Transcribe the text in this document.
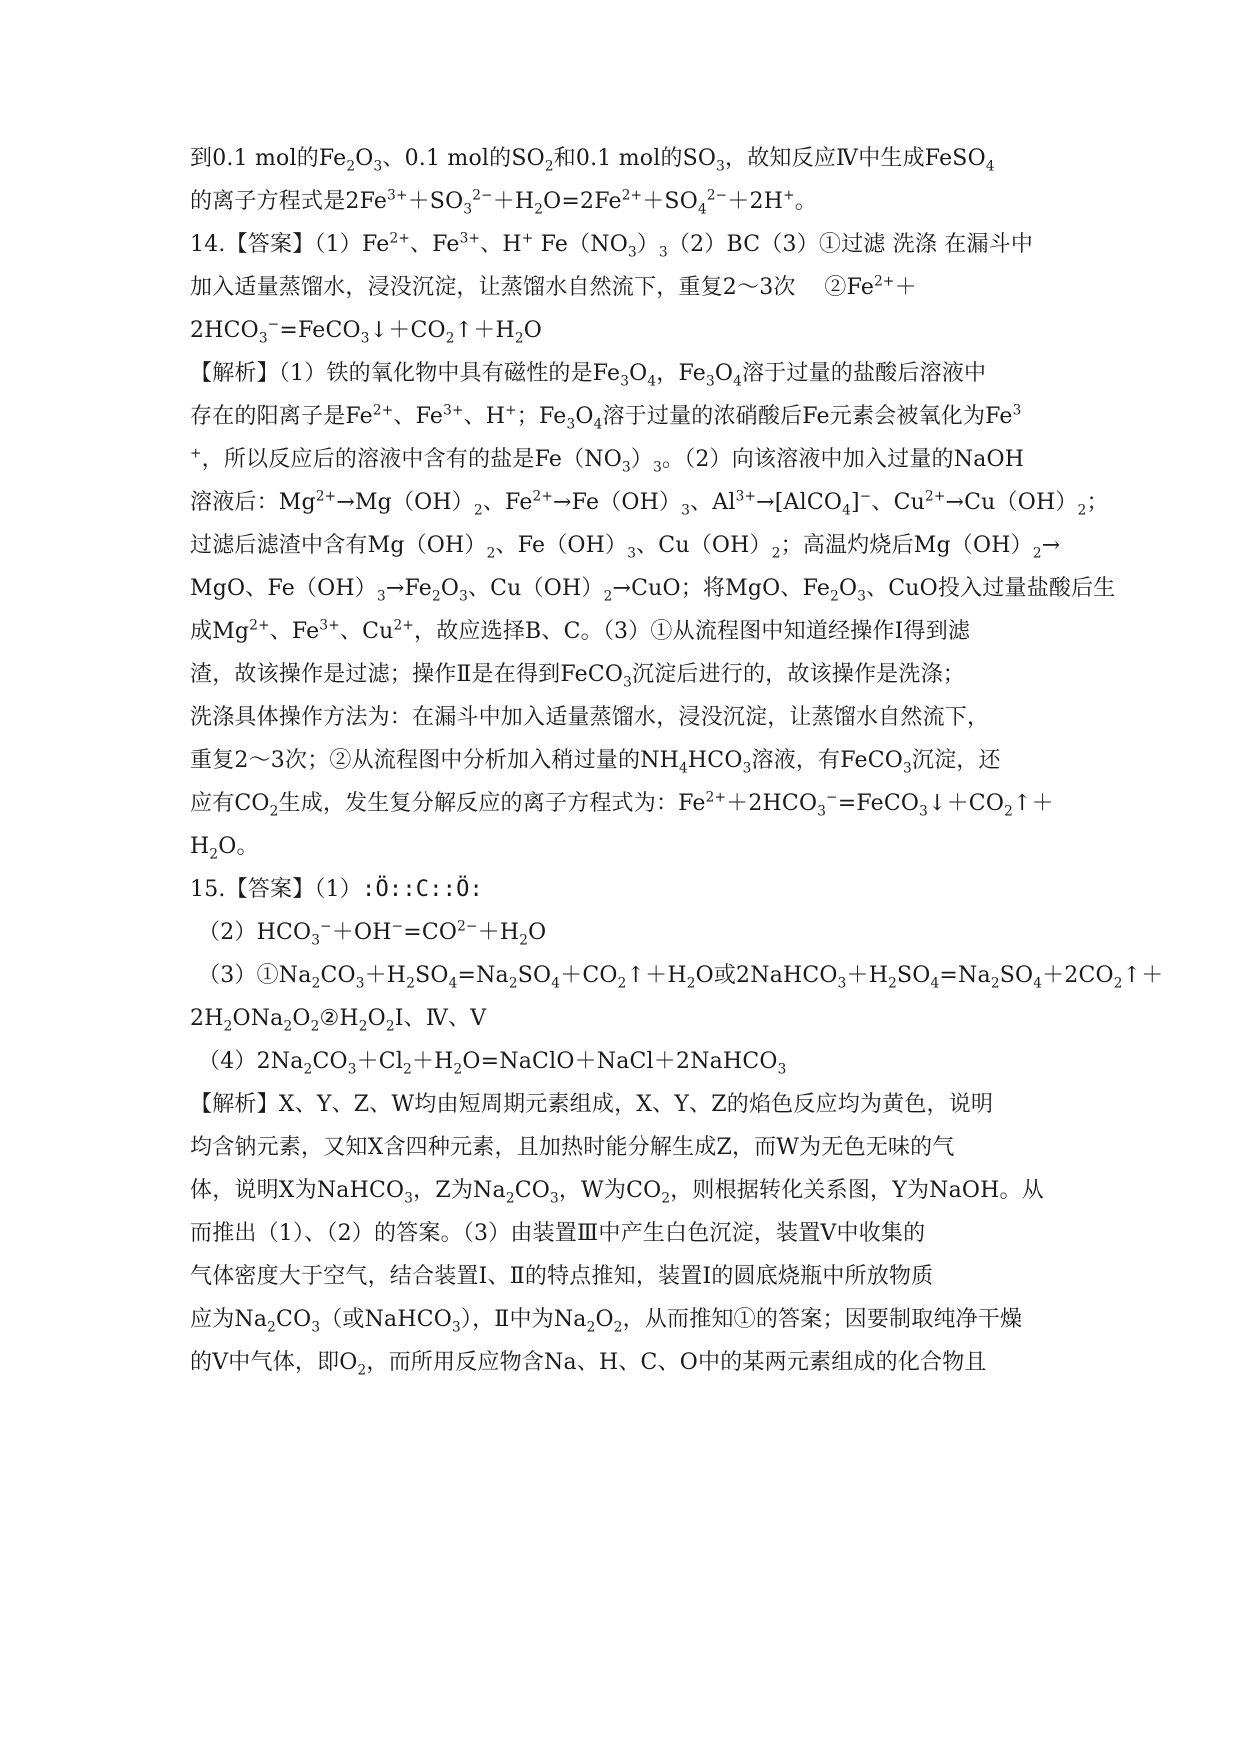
到0.1 mol的$Fe_2O_3$、0.1 mol的$SO_2$和0.1 mol的$SO_3$，故知反应Ⅳ中生成FeSO$_4$
的离子方程式是$2Fe^{3+}+SO_3^{2-}+H_2O=2Fe^{2+}+SO_4^{2-}+2H^+$。
14.【答案】$(1)Fe^{2+}$、$Fe^{3+}$、H+ $Fe(NO_3)_3(2)BC(3)①$过滤 洗涤 在漏斗中
加入适量蒸馏水，浸没沉淀，让蒸馏水自然流下，重复2～3次    $②Fe^{2+}+$
$2HCO_3^-=FeCO_3↓+CO_2↑+H_2O$
【解析】（1）铁的氧化物中具有磁性的是$Fe_3O_4$，$Fe_3O_4$溶于过量的盐酸后溶液中
存在的阳离子是$Fe^{2+}$、$Fe^{3+}$、H+；$Fe_3O_4$溶于过量的浓硝酸后Fe元素会被氧化为Fe$^3$
+，所以反应后的溶液中含有的盐是$Fe(NO_3)_3$。（2）向该溶液中加入过量的NaOH
溶液后：$Mg^{2+}\to Mg(OH)_2$、$Fe^{2+}\to Fe(OH)_3$、$Al^{3+}\to[AlCO_4]^-$、$Cu^{2+}\to Cu(OH)_2$；
过滤后滤渣中含有$Mg(OH)_2$、$Fe(OH)_3$、$Cu(OH)_2$；高温灼烧后$Mg(OH)_2\to$
MgO、$Fe(OH)_3\to Fe_2O_3$、$Cu(OH)_2\to CuO$；将MgO、$Fe_2O_3$、CuO投入过量盐酸后生
成$Mg^{2+}$、$Fe^{3+}$、$Cu^{2+}$，故应选择B、C。（3）①从流程图中知道经操作Ⅰ得到滤
渣，故该操作是过滤；操作Ⅱ是在得到FeCO$_3$沉淀后进行的，故该操作是洗涤；
洗涤具体操作方法为：在漏斗中加入适量蒸馏水，浸没沉淀，让蒸馏水自然流下，
重复2～3次；②从流程图中分析加入稍过量的$NH_4HCO_3$溶液，有FeCO$_3$沉淀，还
应有$CO_2$生成，发生复分解反应的离子方程式为：$Fe^{2+}+2HCO_3^-=FeCO_3↓+CO_2↑+$
$H_2O$。
15.【答案】（1）:Ö::C::Ö:
$(2)HCO_3^-+OH^-=CO^{2-}+H_2O$
$(3)①Na_2CO_3+H_2SO_4=Na_2SO_4+CO_2↑+H_2O$或$2NaHCO_3+H_2SO_4=Na_2SO_4+2CO_2↑+$
$2H_2ONa_2O_2②H_2O_2Ⅰ$、Ⅳ、Ⅴ
$(4)2Na_2CO_3+Cl_2+H_2O=NaClO+NaCl+2NaHCO_3$
【解析】X、Y、Z、W均由短周期元素组成，X、Y、Z的焰色反应均为黄色，说明
均含钠元素，又知X含四种元素，且加热时能分解生成Z，而W为无色无味的气
体，说明X为NaHCO$_3$，Z为$Na_2CO_3$，W为$CO_2$，则根据转化关系图，Y为NaOH。从
而推出（1）、（2）的答案。（3）由装置Ⅲ中产生白色沉淀，装置Ⅴ中收集的
气体密度大于空气，结合装置Ⅰ、Ⅱ的特点推知，装置Ⅰ的圆底烧瓶中所放物质
应为$Na_2CO_3$（或NaHCO$_3$），Ⅱ中为$Na_2O_2$，从而推知①的答案；因要制取纯净干燥
的Ⅴ中气体，即$O_2$，而所用反应物含Na、H、C、O中的某两元素组成的化合物且
